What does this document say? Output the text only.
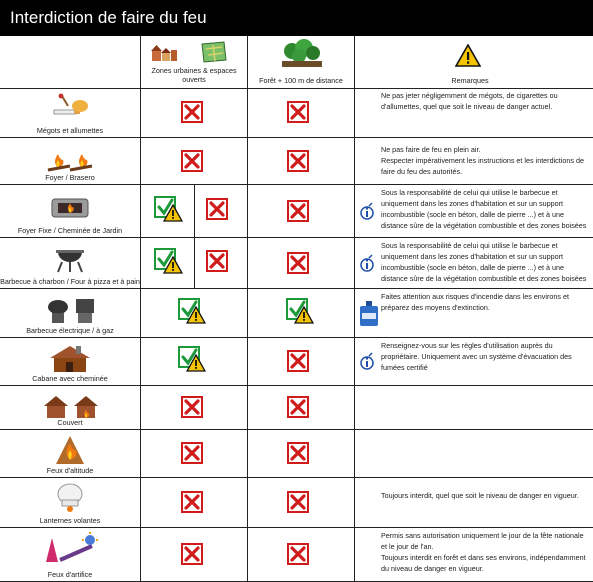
Interdiction de faire du feu
Zones urbaines & espaces ouverts	Forêt + 100 m de distance	Remarques
Mégots et allumettes
Ne pas jeter négligemment de mégots, de cigarettes ou d'allumettes, quel que soit le niveau de danger actuel.
Foyer / Brasero
Ne pas faire de feu en plein air.
Respecter impérativement les instructions et les interdictions de faire du feu des autorités.
Foyer Fixe / Cheminée de Jardin
Sous la responsabilité de celui qui utilise le barbecue et uniquement dans les zones d'habitation et sur un support incombustible (socle en béton, dalle de pierre ...) et à une distance sûre de la végétation combustible et des zones boisées
Barbecue à charbon / Four à pizza et à pain
Sous la responsabilité de celui qui utilise le barbecue et uniquement dans les zones d'habitation et sur un support incombustible (socle en béton, dalle de pierre ...) et à une distance sûre de la végétation combustible et des zones boisées
Barbecue électrique / à gaz
Faites attention aux risques d'incendie dans les environs et préparez des moyens d'extinction.
Cabane avec cheminée
Renseignez-vous sur les règles d'utilisation auprès du propriétaire. Uniquement avec un système d'évacuation des fumées certifié
Couvert
Feux d'altitude
Lanternes volantes
Toujours interdit, quel que soit le niveau de danger en vigueur.
Feux d'artifice
Permis sans autorisation uniquement le jour de la fête nationale et le jour de l'an.
Toujours interdit en forêt et dans ses environs, indépendamment du niveau de danger en vigueur.
